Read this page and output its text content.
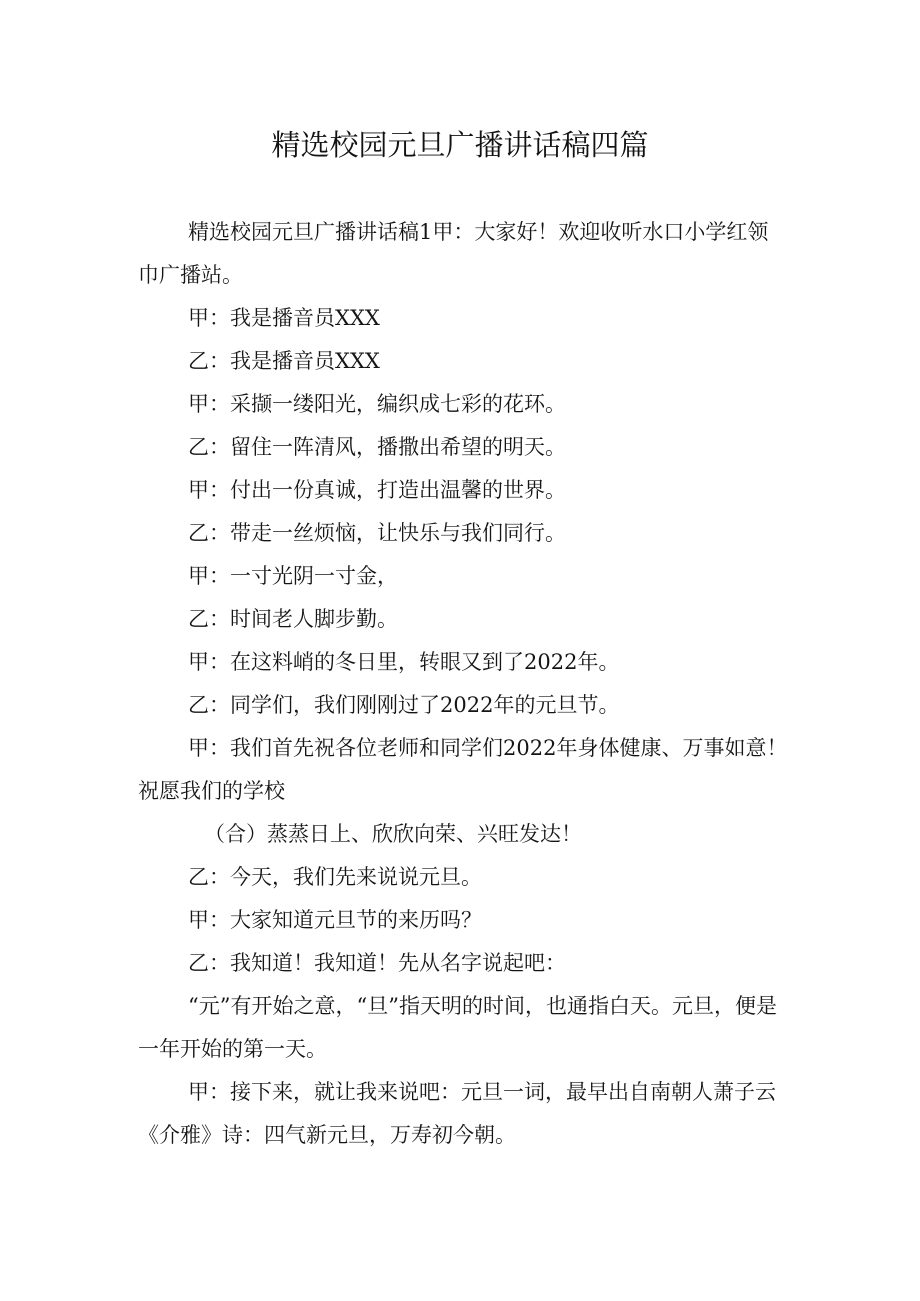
精选校园元旦广播讲话稿四篇

精选校园元旦广播讲话稿1甲：大家好！欢迎收听水口小学红领巾广播站。

甲：我是播音员XXX

乙：我是播音员XXX

甲：采撷一缕阳光，编织成七彩的花环。

乙：留住一阵清风，播撒出希望的明天。

甲：付出一份真诚，打造出温馨的世界。

乙：带走一丝烦恼，让快乐与我们同行。

甲：一寸光阴一寸金，

乙：时间老人脚步勤。

甲：在这料峭的冬日里，转眼又到了2022年。

乙：同学们，我们刚刚过了2022年的元旦节。

甲：我们首先祝各位老师和同学们2022年身体健康、万事如意！祝愿我们的学校

（合）蒸蒸日上、欣欣向荣、兴旺发达！

乙：今天，我们先来说说元旦。

甲：大家知道元旦节的来历吗？

乙：我知道！我知道！先从名字说起吧：

“元”有开始之意，“旦”指天明的时间，也通指白天。元旦，便是一年开始的第一天。

甲：接下来，就让我来说吧：元旦一词，最早出自南朝人萧子云《介雅》诗：四气新元旦，万寿初今朝。
